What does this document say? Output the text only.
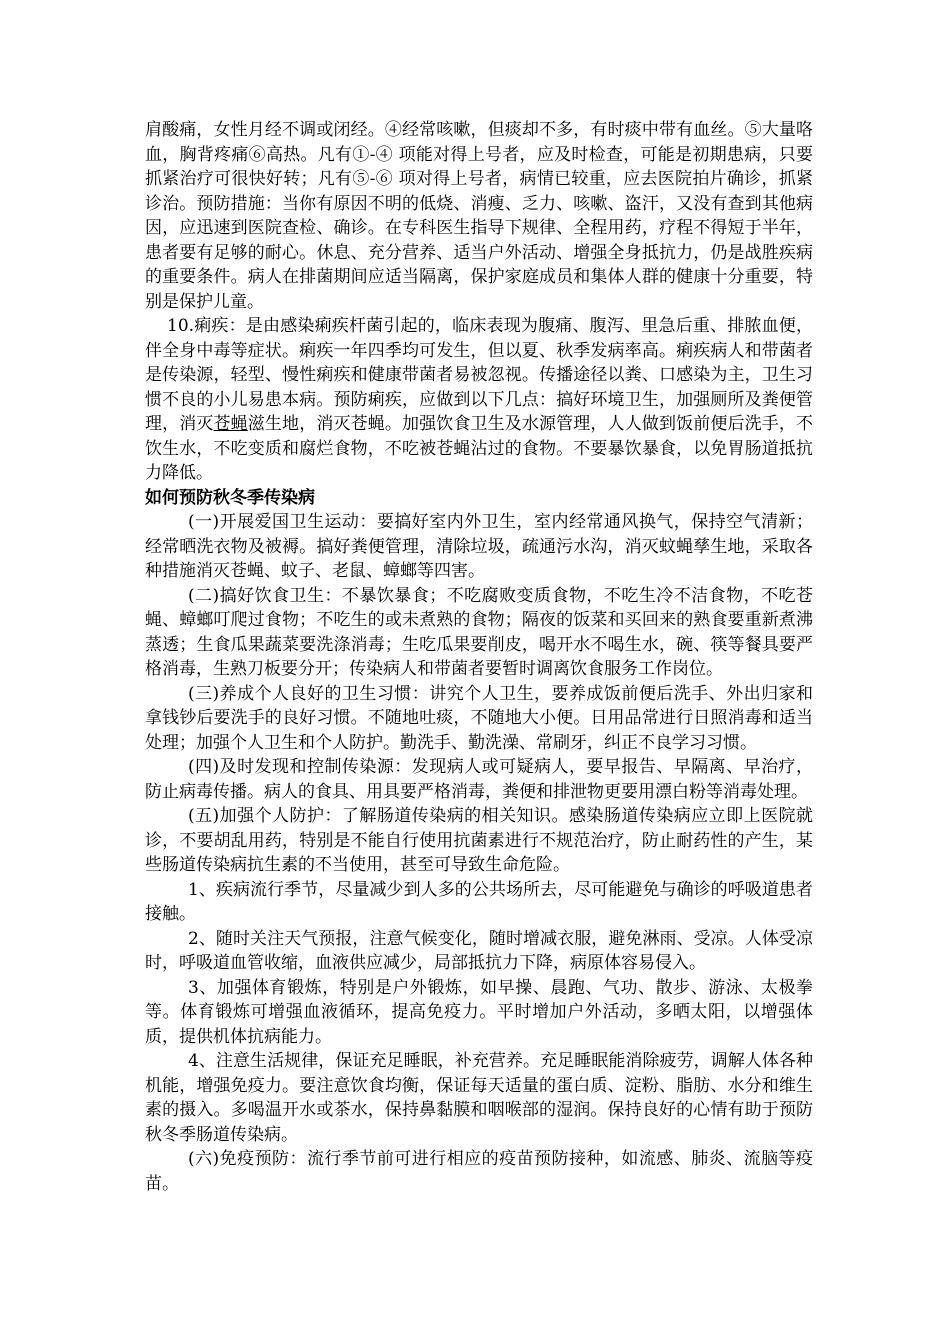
肩酸痛，女性月经不调或闭经。④经常咳嗽，但痰却不多，有时痰中带有血丝。⑤大量咯血，胸背疼痛⑥高热。凡有①-④ 项能对得上号者，应及时检查，可能是初期患病，只要抓紧治疗可很快好转；凡有⑤-⑥ 项对得上号者，病情已较重，应去医院拍片确诊，抓紧诊治。预防措施：当你有原因不明的低烧、消瘦、乏力、咳嗽、盗汗，又没有查到其他病因，应迅速到医院查检、确诊。在专科医生指导下规律、全程用药，疗程不得短于半年，患者要有足够的耐心。休息、充分营养、适当户外活动、增强全身抵抗力，仍是战胜疾病的重要条件。病人在排菌期间应适当隔离，保护家庭成员和集体人群的健康十分重要，特别是保护儿童。

10.痢疾：是由感染痢疾杆菌引起的，临床表现为腹痛、腹泻、里急后重、排脓血便，伴全身中毒等症状。痢疾一年四季均可发生，但以夏、秋季发病率高。痢疾病人和带菌者是传染源，轻型、慢性痢疾和健康带菌者易被忽视。传播途径以粪、口感染为主，卫生习惯不良的小儿易患本病。预防痢疾，应做到以下几点：搞好环境卫生，加强厕所及粪便管理，消灭苍蝇滋生地，消灭苍蝇。加强饮食卫生及水源管理，人人做到饭前便后洗手，不饮生水，不吃变质和腐烂食物，不吃被苍蝇沾过的食物。不要暴饮暴食，以免胃肠道抵抗力降低。

如何预防秋冬季传染病

(一)开展爱国卫生运动：要搞好室内外卫生，室内经常通风换气，保持空气清新；经常晒洗衣物及被褥。搞好粪便管理，清除垃圾，疏通污水沟，消灭蚊蝇孳生地，采取各种措施消灭苍蝇、蚊子、老鼠、蟑螂等四害。

(二)搞好饮食卫生：不暴饮暴食；不吃腐败变质食物，不吃生冷不洁食物，不吃苍蝇、蟑螂叮爬过食物；不吃生的或未煮熟的食物；隔夜的饭菜和买回来的熟食要重新煮沸蒸透；生食瓜果蔬菜要洗涤消毒；生吃瓜果要削皮，喝开水不喝生水，碗、筷等餐具要严格消毒，生熟刀板要分开；传染病人和带菌者要暂时调离饮食服务工作岗位。

(三)养成个人良好的卫生习惯：讲究个人卫生，要养成饭前便后洗手、外出归家和拿钱钞后要洗手的良好习惯。不随地吐痰，不随地大小便。日用品常进行日照消毒和适当处理；加强个人卫生和个人防护。勤洗手、勤洗澡、常刷牙，纠正不良学习习惯。

(四)及时发现和控制传染源：发现病人或可疑病人，要早报告、早隔离、早治疗，防止病毒传播。病人的食具、用具要严格消毒，粪便和排泄物更要用漂白粉等消毒处理。

(五)加强个人防护：了解肠道传染病的相关知识。感染肠道传染病应立即上医院就诊，不要胡乱用药，特别是不能自行使用抗菌素进行不规范治疗，防止耐药性的产生，某些肠道传染病抗生素的不当使用，甚至可导致生命危险。

1、疾病流行季节，尽量减少到人多的公共场所去，尽可能避免与确诊的呼吸道患者接触。

2、随时关注天气预报，注意气候变化，随时增减衣服，避免淋雨、受凉。人体受凉时，呼吸道血管收缩，血液供应减少，局部抵抗力下降，病原体容易侵入。

3、加强体育锻炼，特别是户外锻炼，如早操、晨跑、气功、散步、游泳、太极拳等。体育锻炼可增强血液循环，提高免疫力。平时增加户外活动，多晒太阳，以增强体质，提供机体抗病能力。

4、注意生活规律，保证充足睡眠，补充营养。充足睡眠能消除疲劳，调解人体各种机能，增强免疫力。要注意饮食均衡，保证每天适量的蛋白质、淀粉、脂肪、水分和维生素的摄入。多喝温开水或茶水，保持鼻黏膜和咽喉部的湿润。保持良好的心情有助于预防秋冬季肠道传染病。

(六)免疫预防：流行季节前可进行相应的疫苗预防接种，如流感、肺炎、流脑等疫苗。
